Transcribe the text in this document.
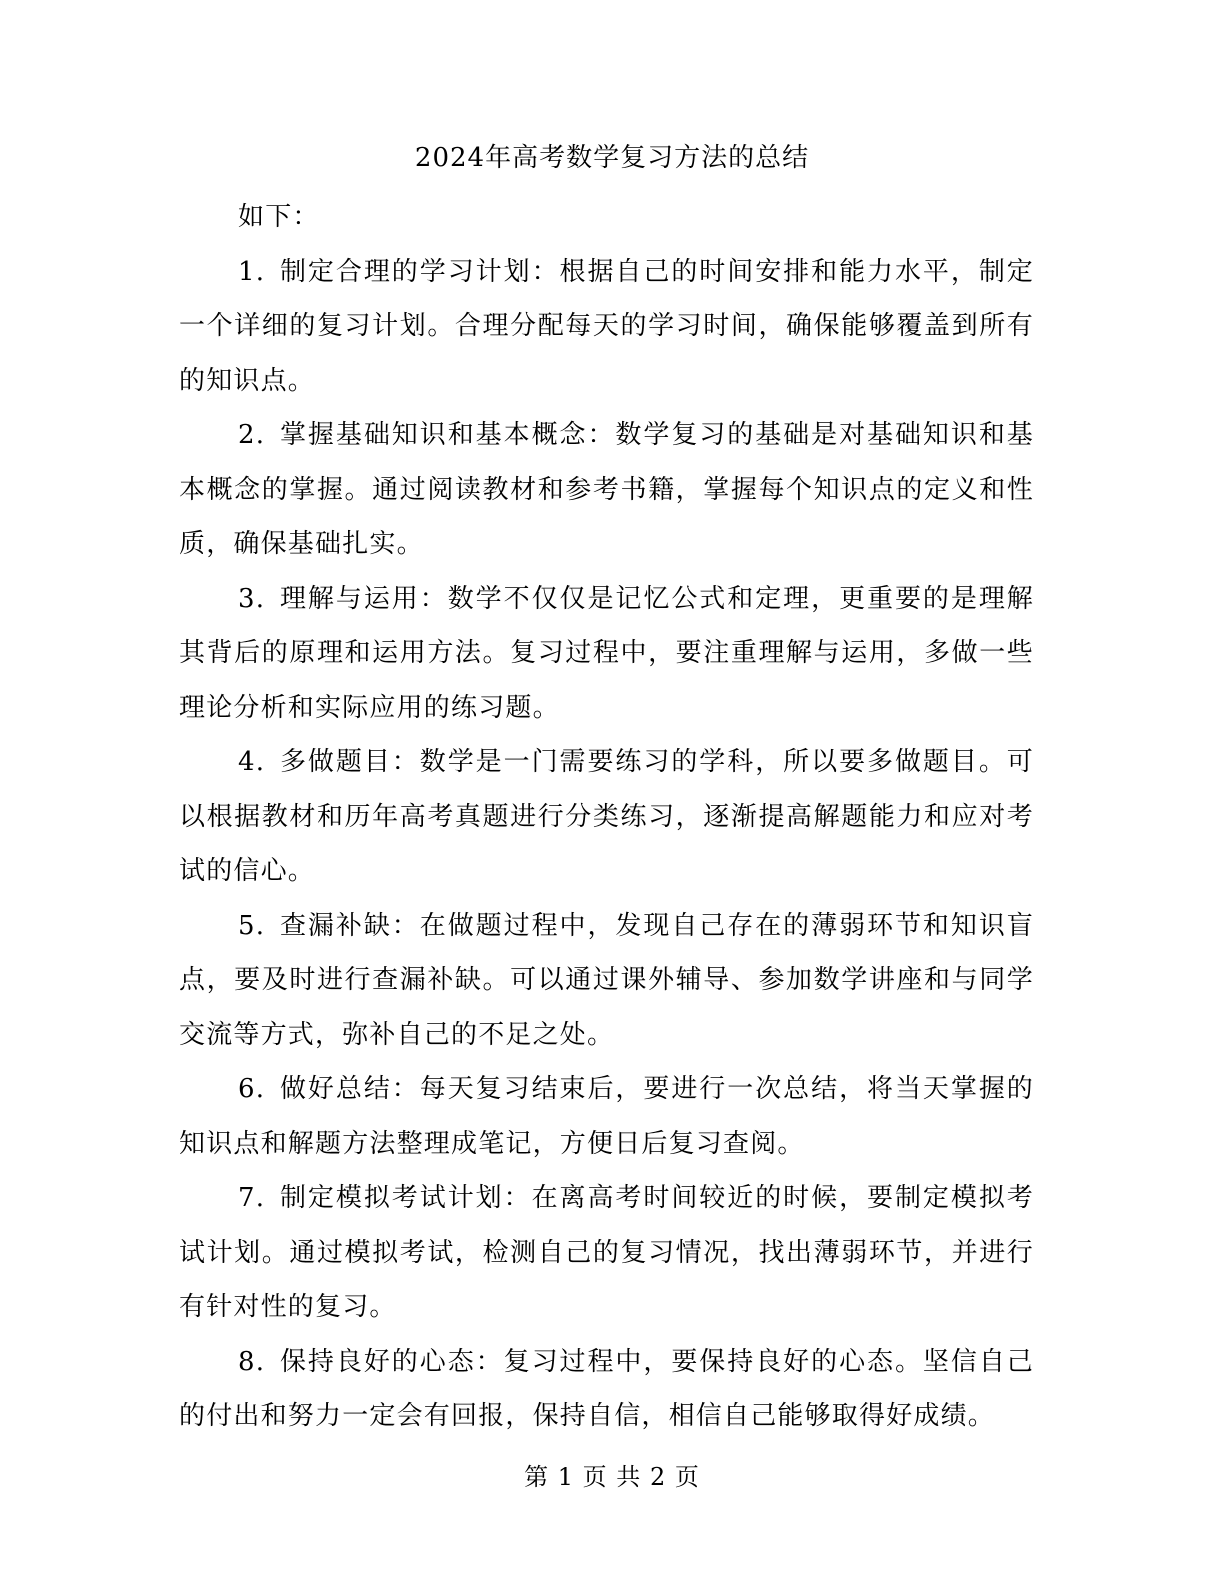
2024年高考数学复习方法的总结

如下：

1. 制定合理的学习计划：根据自己的时间安排和能力水平，制定一个详细的复习计划。合理分配每天的学习时间，确保能够覆盖到所有的知识点。

2. 掌握基础知识和基本概念：数学复习的基础是对基础知识和基本概念的掌握。通过阅读教材和参考书籍，掌握每个知识点的定义和性质，确保基础扎实。

3. 理解与运用：数学不仅仅是记忆公式和定理，更重要的是理解其背后的原理和运用方法。复习过程中，要注重理解与运用，多做一些理论分析和实际应用的练习题。

4. 多做题目：数学是一门需要练习的学科，所以要多做题目。可以根据教材和历年高考真题进行分类练习，逐渐提高解题能力和应对考试的信心。

5. 查漏补缺：在做题过程中，发现自己存在的薄弱环节和知识盲点，要及时进行查漏补缺。可以通过课外辅导、参加数学讲座和与同学交流等方式，弥补自己的不足之处。

6. 做好总结：每天复习结束后，要进行一次总结，将当天掌握的知识点和解题方法整理成笔记，方便日后复习查阅。

7. 制定模拟考试计划：在离高考时间较近的时候，要制定模拟考试计划。通过模拟考试，检测自己的复习情况，找出薄弱环节，并进行有针对性的复习。

8. 保持良好的心态：复习过程中，要保持良好的心态。坚信自己的付出和努力一定会有回报，保持自信，相信自己能够取得好成绩。

第 1 页 共 2 页
